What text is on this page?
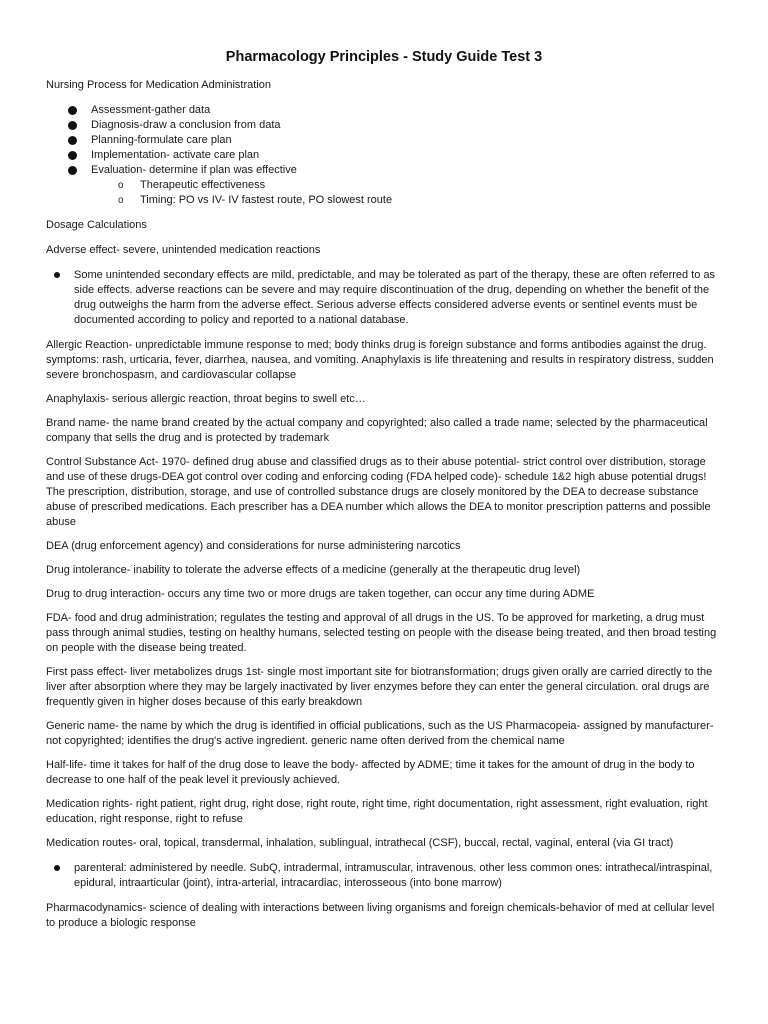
Pharmacology Principles - Study Guide Test 3

Nursing Process for Medication Administration

Assessment-gather data
Diagnosis-draw a conclusion from data
Planning-formulate care plan
Implementation- activate care plan
Evaluation- determine if plan was effective
o Therapeutic effectiveness
o Timing: PO vs IV- IV fastest route, PO slowest route

Dosage Calculations

Adverse effect- severe, unintended medication reactions

Some unintended secondary effects are mild, predictable, and may be tolerated as part of the therapy, these are often referred to as side effects. adverse reactions can be severe and may require discontinuation of the drug, depending on whether the benefit of the drug outweighs the harm from the adverse effect. Serious adverse effects considered adverse events or sentinel events must be documented according to policy and reported to a national database.

Allergic Reaction- unpredictable immune response to med; body thinks drug is foreign substance and forms antibodies against the drug. symptoms: rash, urticaria, fever, diarrhea, nausea, and vomiting. Anaphylaxis is life threatening and results in respiratory distress, sudden severe bronchospasm, and cardiovascular collapse

Anaphylaxis- serious allergic reaction, throat begins to swell etc…

Brand name- the name brand created by the actual company and copyrighted; also called a trade name; selected by the pharmaceutical company that sells the drug and is protected by trademark

Control Substance Act- 1970- defined drug abuse and classified drugs as to their abuse potential- strict control over distribution, storage and use of these drugs-DEA got control over coding and enforcing coding (FDA helped code)- schedule 1&2 high abuse potential drugs! The prescription, distribution, storage, and use of controlled substance drugs are closely monitored by the DEA to decrease substance abuse of prescribed medications. Each prescriber has a DEA number which allows the DEA to monitor prescription patterns and possible abuse

DEA (drug enforcement agency) and considerations for nurse administering narcotics

Drug intolerance- inability to tolerate the adverse effects of a medicine (generally at the therapeutic drug level)

Drug to drug interaction- occurs any time two or more drugs are taken together, can occur any time during ADME

FDA- food and drug administration; regulates the testing and approval of all drugs in the US. To be approved for marketing, a drug must pass through animal studies, testing on healthy humans, selected testing on people with the disease being treated, and then broad testing on people with the disease being treated.

First pass effect- liver metabolizes drugs 1st- single most important site for biotransformation; drugs given orally are carried directly to the liver after absorption where they may be largely inactivated by liver enzymes before they can enter the general circulation. oral drugs are frequently given in higher doses because of this early breakdown

Generic name- the name by which the drug is identified in official publications, such as the US Pharmacopeia- assigned by manufacturer-not copyrighted; identifies the drug's active ingredient. generic name often derived from the chemical name

Half-life- time it takes for half of the drug dose to leave the body- affected by ADME; time it takes for the amount of drug in the body to decrease to one half of the peak level it previously achieved.

Medication rights- right patient, right drug, right dose, right route, right time, right documentation, right assessment, right evaluation, right education, right response, right to refuse

Medication routes- oral, topical, transdermal, inhalation, sublingual, intrathecal (CSF), buccal, rectal, vaginal, enteral (via GI tract)

parenteral: administered by needle. SubQ, intradermal, intramuscular, intravenous. other less common ones: intrathecal/intraspinal, epidural, intraarticular (joint), intra-arterial, intracardiac, interosseous (into bone marrow)

Pharmacodynamics- science of dealing with interactions between living organisms and foreign chemicals-behavior of med at cellular level to produce a biologic response
